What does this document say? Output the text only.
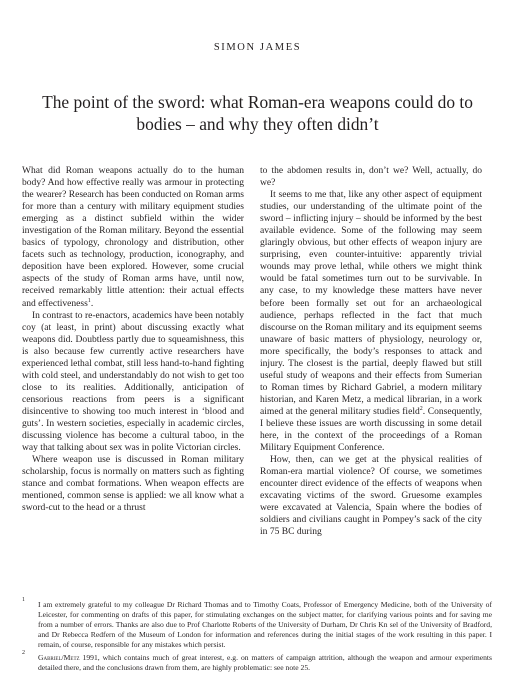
SIMON JAMES
The point of the sword: what Roman-era weapons could do to bodies – and why they often didn’t

What did Roman weapons actually do to the human body? And how effective really was armour in protecting the wearer? Research has been conducted on Roman arms for more than a century with military equipment studies emerging as a distinct subfield within the wider investigation of the Roman military. Beyond the essential basics of typology, chronology and distribution, other facets such as technology, production, iconography, and deposition have been explored. However, some crucial aspects of the study of Roman arms have, until now, received remarkably little attention: their actual effects and effectiveness$^1$.

In contrast to re-enactors, academics have been notably coy (at least, in print) about discussing exactly what weapons did. Doubtless partly due to squeamishness, this is also because few currently active researchers have experienced lethal combat, still less hand-to-hand fighting with cold steel, and understandably do not wish to get too close to its realities. Additionally, anticipation of censorious reactions from peers is a significant disincentive to showing too much interest in ‘blood and guts’. In western societies, especially in academic circles, discussing violence has become a cultural taboo, in the way that talking about sex was in polite Victorian circles.

Where weapon use is discussed in Roman military scholarship, focus is normally on matters such as fighting stance and combat formations. When weapon effects are mentioned, common sense is applied: we all know what a sword-cut to the head or a thrust

to the abdomen results in, don’t we? Well, actually, do we?

It seems to me that, like any other aspect of equipment studies, our understanding of the ultimate point of the sword – inflicting injury – should be informed by the best available evidence. Some of the following may seem glaringly obvious, but other effects of weapon injury are surprising, even counter-intuitive: apparently trivial wounds may prove lethal, while others we might think would be fatal sometimes turn out to be survivable. In any case, to my knowledge these matters have never before been formally set out for an archaeological audience, perhaps reflected in the fact that much discourse on the Roman military and its equipment seems unaware of basic matters of physiology, neurology or, more specifically, the body’s responses to attack and injury. The closest is the partial, deeply flawed but still useful study of weapons and their effects from Sumerian to Roman times by Richard Gabriel, a modern military historian, and Karen Metz, a medical librarian, in a work aimed at the general military studies field$^2$. Consequently, I believe these issues are worth discussing in some detail here, in the context of the proceedings of a Roman Military Equipment Conference.

How, then, can we get at the physical realities of Roman-era martial violence? Of course, we sometimes encounter direct evidence of the effects of weapons when excavating victims of the sword. Gruesome examples were excavated at Valencia, Spain where the bodies of soldiers and civilians caught in Pompey’s sack of the city in 75 BC during

1 I am extremely grateful to my colleague Dr Richard Thomas and to Timothy Coats, Professor of Emergency Medicine, both of the University of Leicester, for commenting on drafts of this paper, for stimulating exchanges on the subject matter, for clarifying various points and for saving me from a number of errors. Thanks are also due to Prof Charlotte Roberts of the University of Durham, Dr Chris Kn sel of the University of Bradford, and Dr Rebecca Redfern of the Museum of London for information and references during the initial stages of the work resulting in this paper. I remain, of course, responsible for any mistakes which persist.
2 Gabriel/Metz 1991, which contains much of great interest, e.g. on matters of campaign attrition, although the weapon and armour experiments detailed there, and the conclusions drawn from them, are highly problematic: see note 25.
